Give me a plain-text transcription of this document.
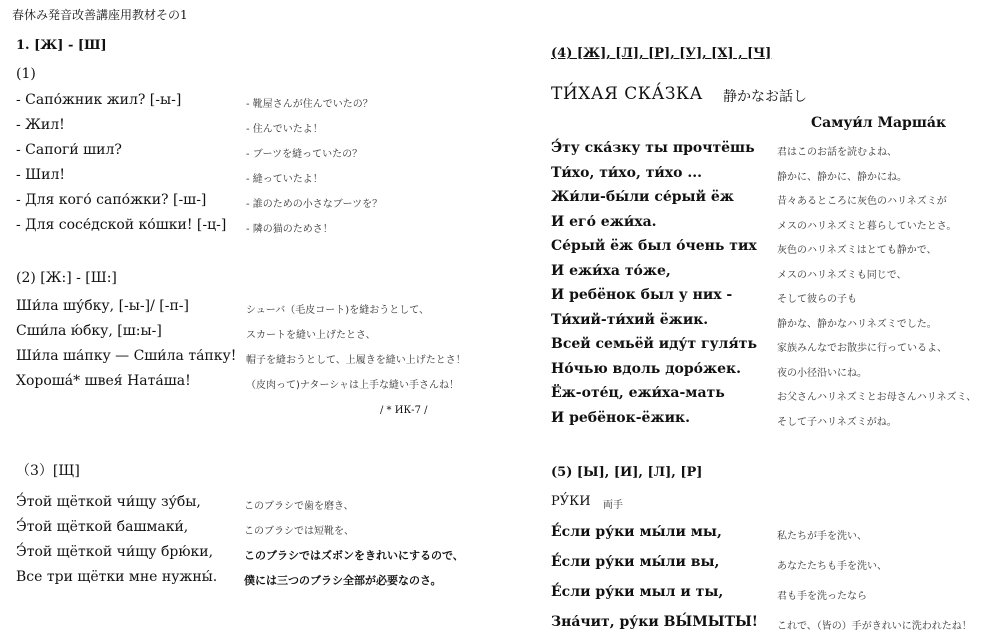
春休み発音改善講座用教材その1
1. [Ж] - [Ш]
(1)
- Сапо́жник жил? [-ы-]	- 靴屋さんが住んでいたの？
- Жил!	- 住んでいたよ！
- Сапоги́ шил?	- ブーツを縫っていたの？
- Шил!	- 縫っていたよ！
- Для кого́ сапо́жки? [-ш-]	- 誰のための小さなブーツを？
- Для сосе́дской ко́шки! [-ц-] - 隣の猫のためさ！
(2) [Ж:] - [Ш:]
Ши́ла шу́бку, [-ы-]/ [-п-]	シューバ（毛皮コート)を縫おうとして、
Сши́ла ю́бку, [ш:ы-]	スカートを縫い上げたとさ、
Ши́ла ша́пку — Сши́ла та́пку! 帽子を縫おうとして、上履きを縫い上げたとさ！
Хорошá* швея́ Ната́ша!	（皮肉って)ナターシャは上手な縫い手さんね！
/ * ИК-7 /
（3）[Щ]
Э́той щёткой чи́щу зу́бы,	このブラシで歯を磨き、
Э́той щёткой башмаки́,	このブラシでは短靴を、
Э́той щёткой чи́щу брю́ки,	このブラシではズボンをきれいにするので、
Все три щётки мне нужны́. 僕には三つのブラシ全部が必要なのさ。
(4) [Ж], [Л], [Р], [У], [Х] , [Ч]
ТИ́ХАЯ СКА́ЗКА 静かなお話し
Самуи́л Марша́к
Э́ту ска́зку ты прочтёшь 君はこのお話を読むよね、
Ти́хо, ти́хо, ти́хо ...	静かに、静かに、静かにね。
Жи́ли-бы́ли се́рый ёж	昔々あるところに灰色のハリネズミが
И его́ ежи́ха.	メスのハリネズミと暮らしていたとさ。
Се́рый ёж был о́чень тих 灰色のハリネズミはとても静かで、
И ежи́ха то́же,	メスのハリネズミも同じで、
И ребёнок был у них -	そして彼らの子も
Ти́хий-ти́хий ёжик.	静かな、静かなハリネズミでした。
Всей семьёй иду́т гуля́ть 家族みんなでお散歩に行っているよ、
Но́чью вдоль доро́жек.	夜の小径沿いにね。
Ёж-оте́ц, ежи́ха-мать	お父さんハリネズミとお母さんハリネズミ、
И ребёнок-ёжик.	そして子ハリネズミがね。
(5) [Ы], [И], [Л], [Р]
РУ́КИ 両手
Е́сли ру́ки мы́ли мы,	私たちが手を洗い、
Е́сли ру́ки мы́ли вы,	あなたたちも手を洗い、
Е́сли ру́ки мыл и ты,	君も手を洗ったなら
Зна́чит, ру́ки ВЫ́МЫТЫ! これで、（皆の）手がきれいに洗われたね！
